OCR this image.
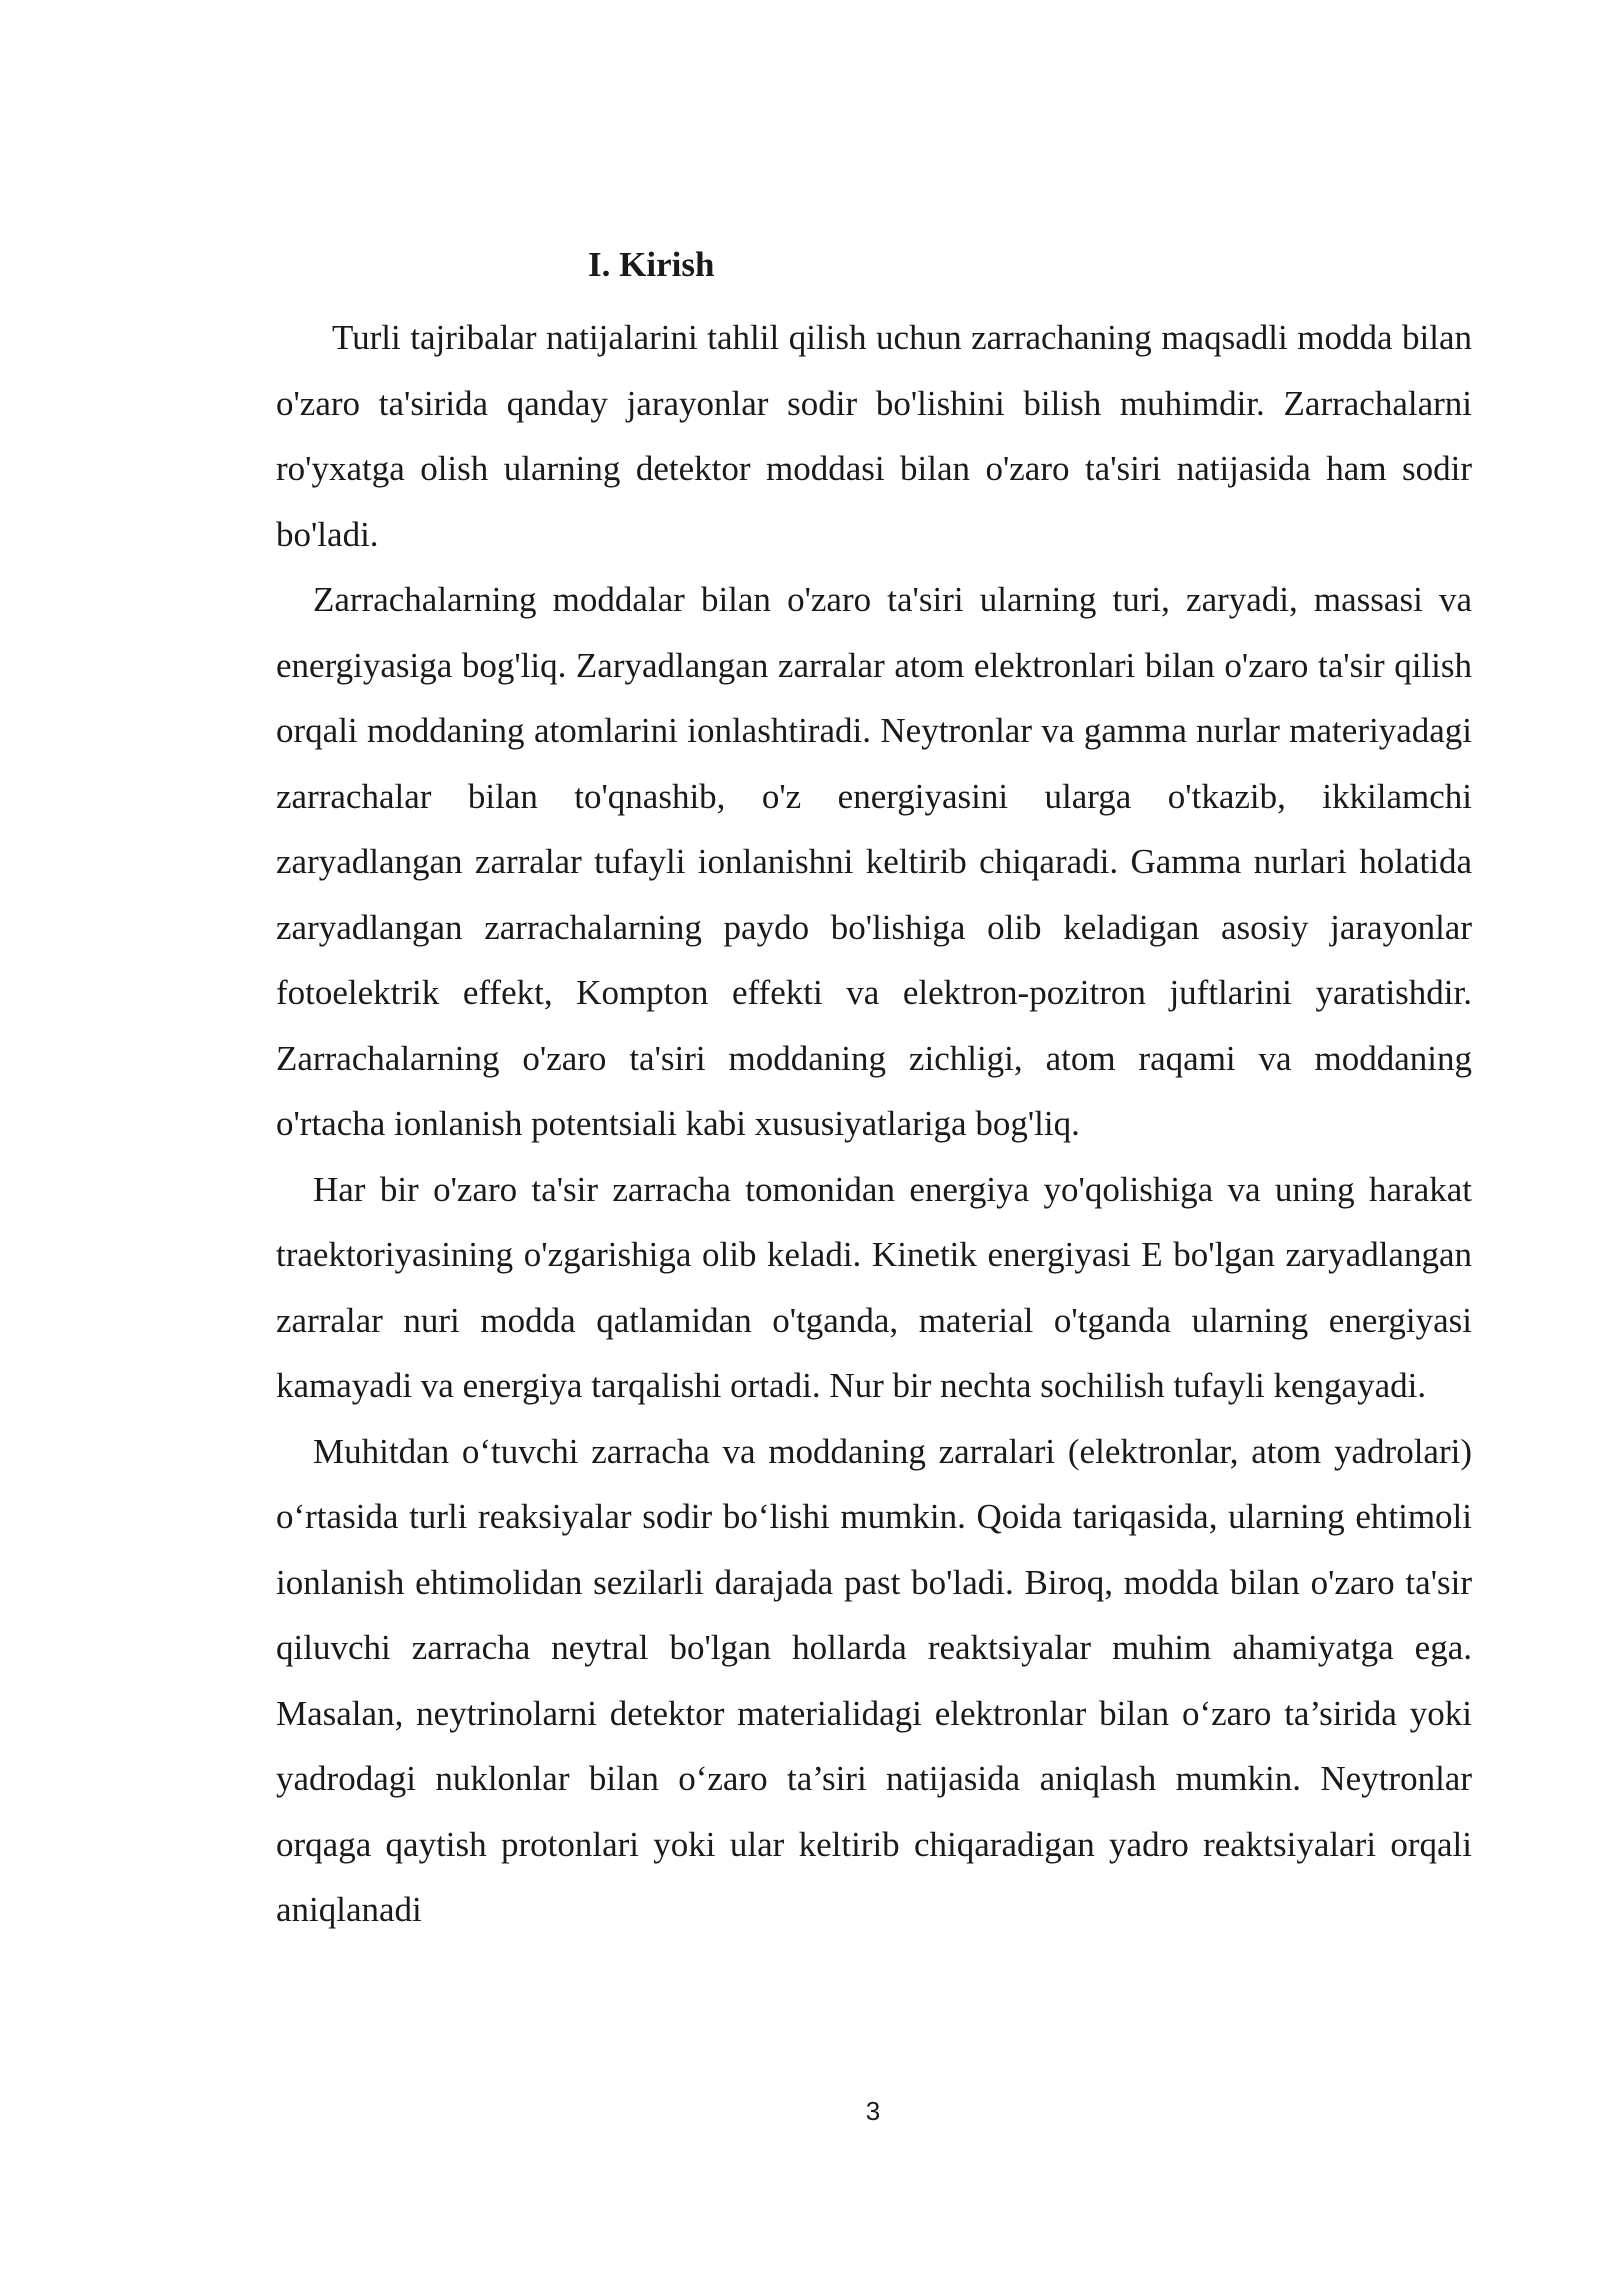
I. Kirish

Turli tajribalar natijalarini tahlil qilish uchun zarrachaning maqsadli modda bilan o'zaro ta'sirida qanday jarayonlar sodir bo'lishini bilish muhimdir. Zarrachalarni ro'yxatga olish ularning detektor moddasi bilan o'zaro ta'siri natijasida ham sodir bo'ladi.

Zarrachalarning moddalar bilan o'zaro ta'siri ularning turi, zaryadi, massasi va energiyasiga bog'liq. Zaryadlangan zarralar atom elektronlari bilan o'zaro ta'sir qilish orqali moddaning atomlarini ionlashtiradi. Neytronlar va gamma nurlar materiyadagi zarrachalar bilan to'qnashib, o'z energiyasini ularga o'tkazib, ikkilamchi zaryadlangan zarralar tufayli ionlanishni keltirib chiqaradi. Gamma nurlari holatida zaryadlangan zarrachalarning paydo bo'lishiga olib keladigan asosiy jarayonlar fotoelektrik effekt, Kompton effekti va elektron-pozitron juftlarini yaratishdir. Zarrachalarning o'zaro ta'siri moddaning zichligi, atom raqami va moddaning o'rtacha ionlanish potentsiali kabi xususiyatlariga bog'liq.

Har bir o'zaro ta'sir zarracha tomonidan energiya yo'qolishiga va uning harakat traektoriyasining o'zgarishiga olib keladi. Kinetik energiyasi E bo'lgan zaryadlangan zarralar nuri modda qatlamidan o'tganda, material o'tganda ularning energiyasi kamayadi va energiya tarqalishi ortadi. Nur bir nechta sochilish tufayli kengayadi.

Muhitdan o‘tuvchi zarracha va moddaning zarralari (elektronlar, atom yadrolari) o‘rtasida turli reaksiyalar sodir bo‘lishi mumkin. Qoida tariqasida, ularning ehtimoli ionlanish ehtimolidan sezilarli darajada past bo'ladi. Biroq, modda bilan o'zaro ta'sir qiluvchi zarracha neytral bo'lgan hollarda reaktsiyalar muhim ahamiyatga ega. Masalan, neytrinolarni detektor materialidagi elektronlar bilan o‘zaro ta’sirida yoki yadrodagi nuklonlar bilan o‘zaro ta’siri natijasida aniqlash mumkin. Neytronlar orqaga qaytish protonlari yoki ular keltirib chiqaradigan yadro reaktsiyalari orqali aniqlanadi

3
